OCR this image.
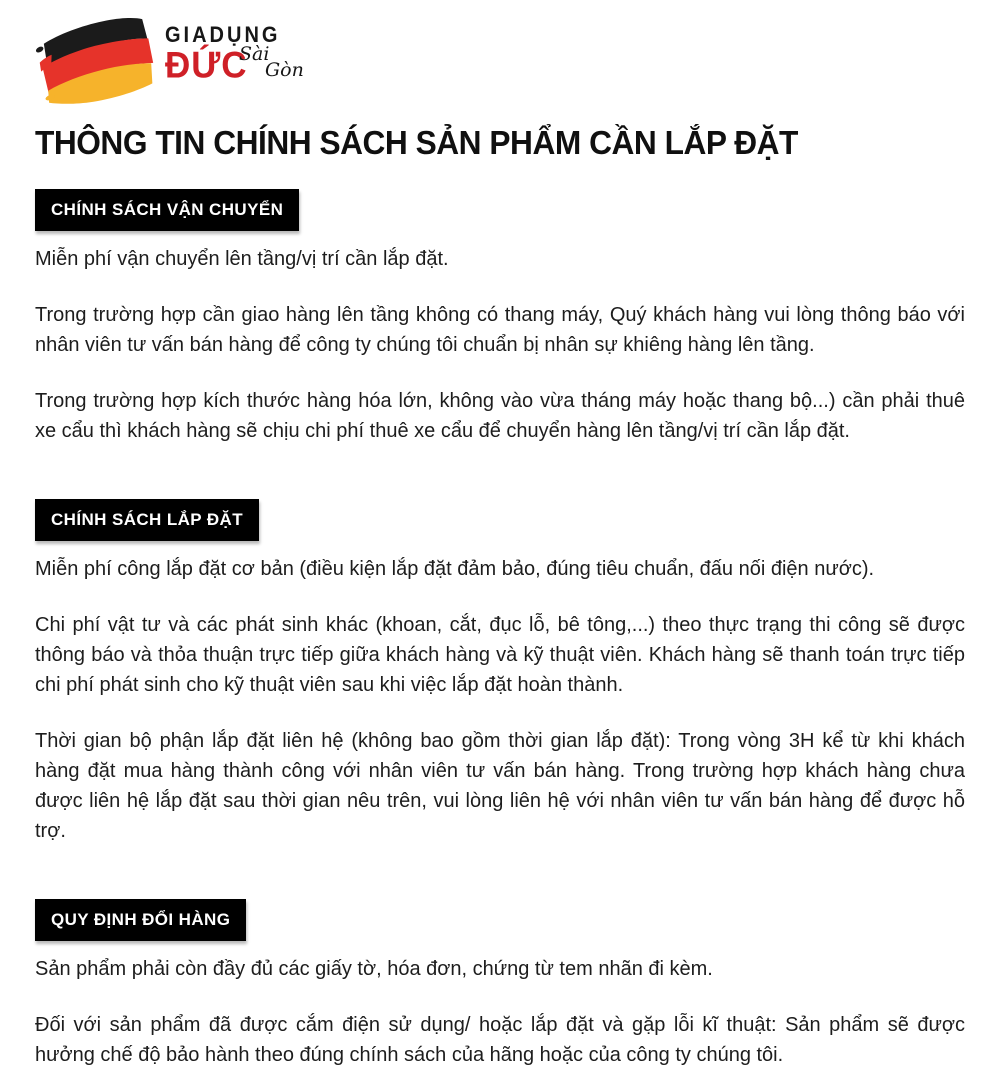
GIADỤNG
ĐỨC
Sài
Gòn
THÔNG TIN CHÍNH SÁCH SẢN PHẨM CẦN LẮP ĐẶT
CHÍNH SÁCH VẬN CHUYỂN

Miễn phí vận chuyển lên tầng/vị trí cần lắp đặt.

Trong trường hợp cần giao hàng lên tầng không có thang máy, Quý khách hàng vui lòng thông báo với nhân viên tư vấn bán hàng để công ty chúng tôi chuẩn bị nhân sự khiêng hàng lên tầng.

Trong trường hợp kích thước hàng hóa lớn, không vào vừa tháng máy hoặc thang bộ...) cần phải thuê xe cẩu thì khách hàng sẽ chịu chi phí thuê xe cẩu để chuyển hàng lên tầng/vị trí cần lắp đặt.

CHÍNH SÁCH LẮP ĐẶT

Miễn phí công lắp đặt cơ bản (điều kiện lắp đặt đảm bảo, đúng tiêu chuẩn, đấu nối điện nước).

Chi phí vật tư và các phát sinh khác (khoan, cắt, đục lỗ, bê tông,...) theo thực trạng thi công sẽ được thông báo và thỏa thuận trực tiếp giữa khách hàng và kỹ thuật viên. Khách hàng sẽ thanh toán trực tiếp chi phí phát sinh cho kỹ thuật viên sau khi việc lắp đặt hoàn thành.

Thời gian bộ phận lắp đặt liên hệ (không bao gồm thời gian lắp đặt): Trong vòng 3H kể từ khi khách hàng đặt mua hàng thành công với nhân viên tư vấn bán hàng. Trong trường hợp khách hàng chưa được liên hệ lắp đặt sau thời gian nêu trên, vui lòng liên hệ với nhân viên tư vấn bán hàng để được hỗ trợ.

QUY ĐỊNH ĐỔI HÀNG

Sản phẩm phải còn đầy đủ các giấy tờ, hóa đơn, chứng từ tem nhãn đi kèm.

Đối với sản phẩm đã được cắm điện sử dụng/ hoặc lắp đặt và gặp lỗi kĩ thuật: Sản phẩm sẽ được hưởng chế độ bảo hành theo đúng chính sách của hãng hoặc của công ty chúng tôi.
